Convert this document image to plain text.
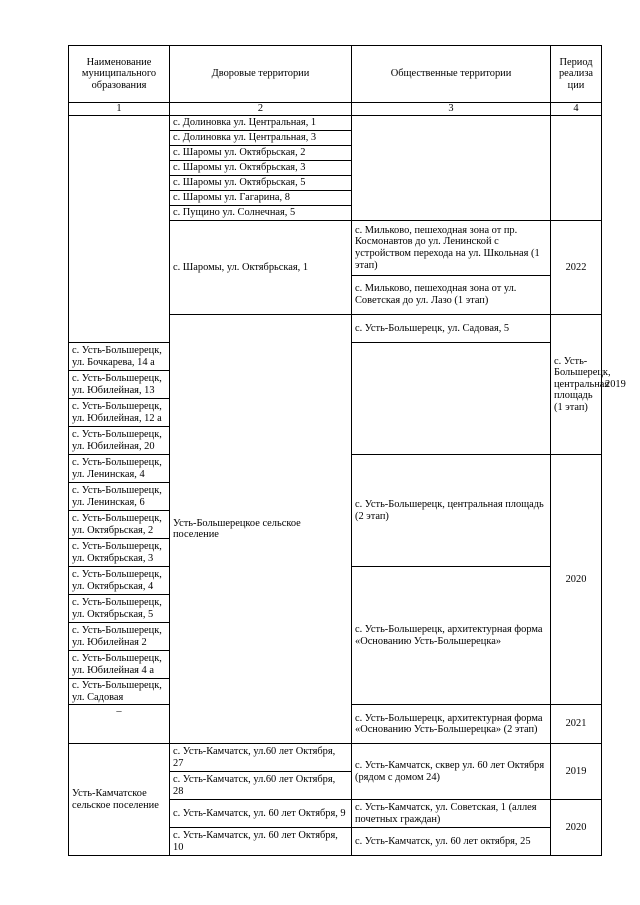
Наименование муниципального образования	Дворовые территории	Общественные территории	Период реализа ции	
1	2	3	4	
	с. Долиновка ул. Центральная, 1			
	с. Долиновка ул. Центральная, 3			
	с. Шаромы ул. Октябрьская, 2			
	с. Шаромы ул. Октябрьская, 3			
	с. Шаромы ул. Октябрьская, 5			
	с. Шаромы ул. Гагарина, 8			
	с. Пущино ул. Солнечная, 5			
	с. Шаромы, ул. Октябрьская, 1	с. Мильково, пешеходная зона от пр. Космонавтов до ул. Ленинской с устройством перехода на ул. Школьная (1 этап)	2022	
		с. Мильково, пешеходная зона от ул. Советская до ул. Лазо (1 этап)		
	Усть-Большерецкое сельское поселение	с. Усть-Большерецк, ул. Садовая, 5	с. Усть-Большерецк, центральная площадь (1 этап)	2019
с. Усть-Большерецк, ул. Бочкарева, 14 а				
с. Усть-Большерецк, ул. Юбилейная, 13				
с. Усть-Большерецк, ул. Юбилейная, 12 а				
с. Усть-Большерецк, ул. Юбилейная, 20				
с. Усть-Большерецк, ул. Ленинская, 4		с. Усть-Большерецк, центральная площадь (2 этап)	2020	
с. Усть-Большерецк, ул. Ленинская, 6				
с. Усть-Большерецк, ул. Октябрьская, 2				
с. Усть-Большерецк, ул. Октябрьская, 3				
с. Усть-Большерецк, ул. Октябрьская, 4		с. Усть-Большерецк, архитектурная форма «Основанию Усть-Большерецка»		
с. Усть-Большерецк, ул. Октябрьская, 5				
с. Усть-Большерецк, ул. Юбилейная 2				
с. Усть-Большерецк, ул. Юбилейная 4 а				
с. Усть-Большерецк, ул. Садовая				
–		с. Усть-Большерецк, архитектурная форма «Основанию Усть-Большерецка» (2 этап)	2021	
Усть-Камчатское сельское поселение	с. Усть-Камчатск, ул.60 лет Октября, 27	с. Усть-Камчатск, сквер ул. 60 лет Октября (рядом с домом 24)	2019	
	с. Усть-Камчатск, ул.60 лет Октября, 28			
	с. Усть-Камчатск, ул. 60 лет Октября, 9	с. Усть-Камчатск, ул. Советская, 1 (аллея почетных граждан)	2020	
	с. Усть-Камчатск, ул. 60 лет Октября, 10	с. Усть-Камчатск, ул. 60 лет октября, 25		
